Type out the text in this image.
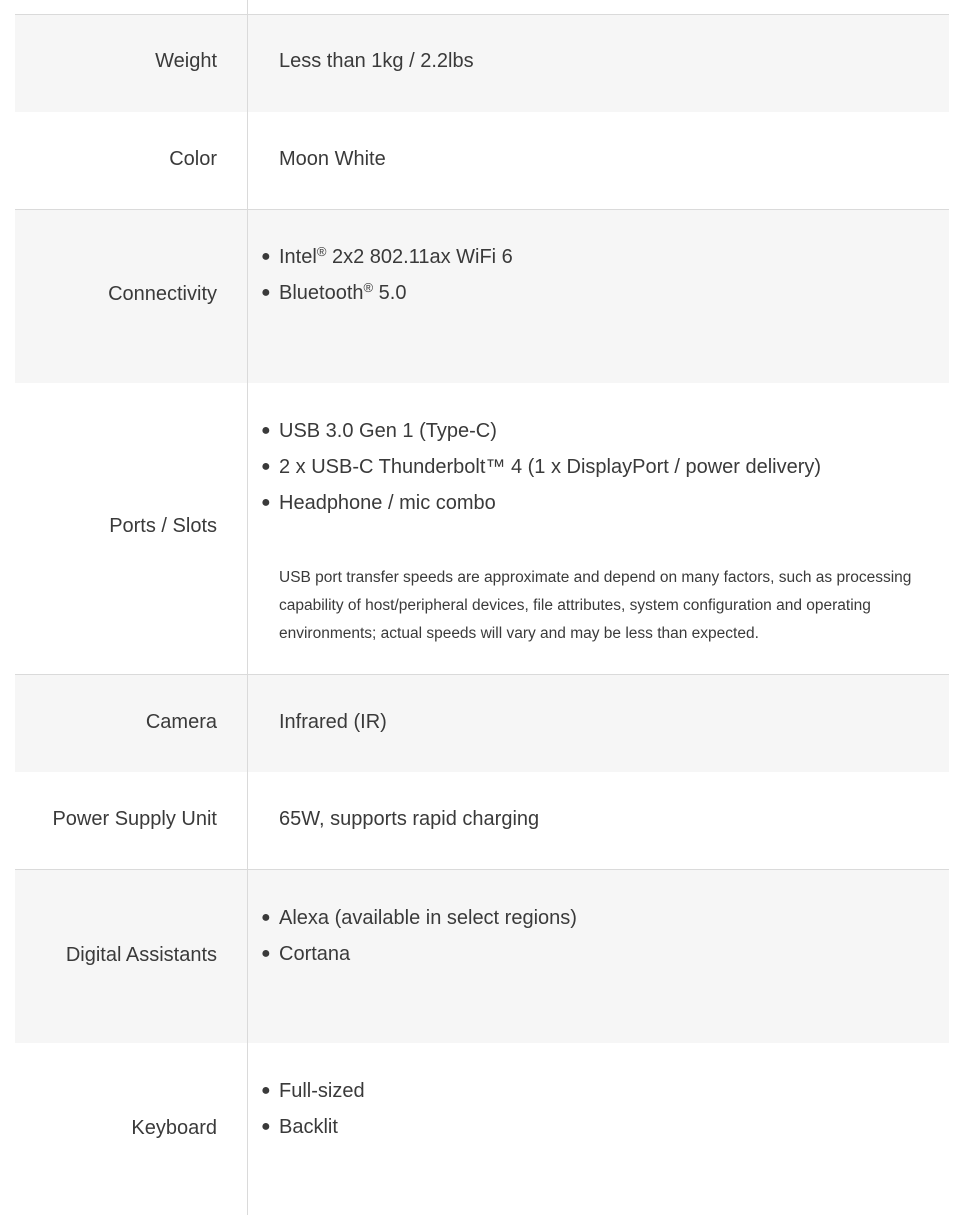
Weight	Less than 1kg / 2.2lbs
Color	Moon White
Connectivity
● Intel® 2x2 802.11ax WiFi 6
● Bluetooth® 5.0
Ports / Slots
● USB 3.0 Gen 1 (Type-C)
● 2 x USB-C Thunderbolt™ 4 (1 x DisplayPort / power delivery)
● Headphone / mic combo
USB port transfer speeds are approximate and depend on many factors, such as processing
capability of host/peripheral devices, file attributes, system configuration and operating
environments; actual speeds will vary and may be less than expected.
Camera	Infrared (IR)
Power Supply Unit	65W, supports rapid charging
Digital Assistants
● Alexa (available in select regions)
● Cortana
Keyboard
● Full-sized
● Backlit
